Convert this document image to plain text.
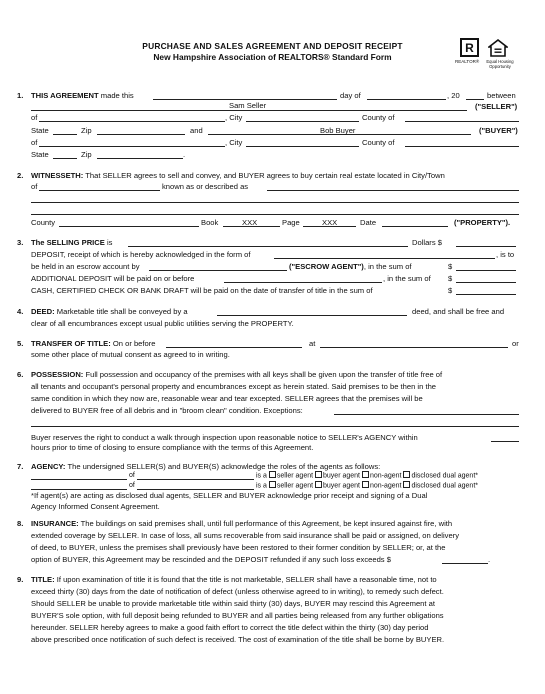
PURCHASE AND SALES AGREEMENT AND DEPOSIT RECEIPT
New Hampshire Association of REALTORS® Standard Form
R
REALTOR® Equal Housing Opportunity
1. THIS AGREEMENT made this	day of	, 20	between
Sam Seller	("SELLER")
of	, City	County of
State	Zip	and	Bob Buyer	("BUYER")
of	, City	County of
State	Zip	.
2. WITNESSETH: That SELLER agrees to sell and convey, and BUYER agrees to buy certain real estate located in City/Town
of	known as or described as
County	Book	XXX	Page	XXX	Date	("PROPERTY").
3. The SELLING PRICE is	Dollars $
DEPOSIT, receipt of which is hereby acknowledged in the form of	, is to
be held in an escrow account by	("ESCROW AGENT"), in the sum of	$
ADDITIONAL DEPOSIT will be paid on or before	, in the sum of $
CASH, CERTIFIED CHECK OR BANK DRAFT will be paid on the date of transfer of title in the sum of	$
4. DEED: Marketable title shall be conveyed by a	deed, and shall be free and
clear of all encumbrances except usual public utilities serving the PROPERTY.
5. TRANSFER OF TITLE: On or before	at	or
some other place of mutual consent as agreed to in writing.
6. POSSESSION: Full possession and occupancy of the premises with all keys shall be given upon the transfer of title free of
all tenants and occupant's personal property and encumbrances except as herein stated. Said premises to be then in the
same condition in which they now are, reasonable wear and tear excepted. SELLER agrees that the premises will be
delivered to BUYER free of all debris and in "broom clean" condition. Exceptions:
Buyer reserves the right to conduct a walk through inspection upon reasonable notice to SELLER's AGENCY within
hours prior to time of closing to ensure compliance with the terms of this Agreement.
7. AGENCY: The undersigned SELLER(S) and BUYER(S) acknowledge the roles of the agents as follows:
of	is a seller agent buyer agent non-agent disclosed dual agent*
of	is a seller agent buyer agent non-agent disclosed dual agent*
*If agent(s) are acting as disclosed dual agents, SELLER and BUYER acknowledge prior receipt and signing of a Dual
Agency Informed Consent Agreement.
8. INSURANCE: The buildings on said premises shall, until full performance of this Agreement, be kept insured against fire, with
extended coverage by SELLER. In case of loss, all sums recoverable from said insurance shall be paid or assigned, on delivery
of deed, to BUYER, unless the premises shall previously have been restored to their former condition by SELLER; or, at the
option of BUYER, this Agreement may be rescinded and the DEPOSIT refunded if any such loss exceeds $	.
9. TITLE: If upon examination of title it is found that the title is not marketable, SELLER shall have a reasonable time, not to
exceed thirty (30) days from the date of notification of defect (unless otherwise agreed to in writing), to remedy such defect.
Should SELLER be unable to provide marketable title within said thirty (30) days, BUYER may rescind this Agreement at
BUYER'S sole option, with full deposit being refunded to BUYER and all parties being released from any further obligations
hereunder. SELLER hereby agrees to make a good faith effort to correct the title defect within the thirty (30) day period
above prescribed once notification of such defect is received. The cost of examination of the title shall be borne by BUYER.
